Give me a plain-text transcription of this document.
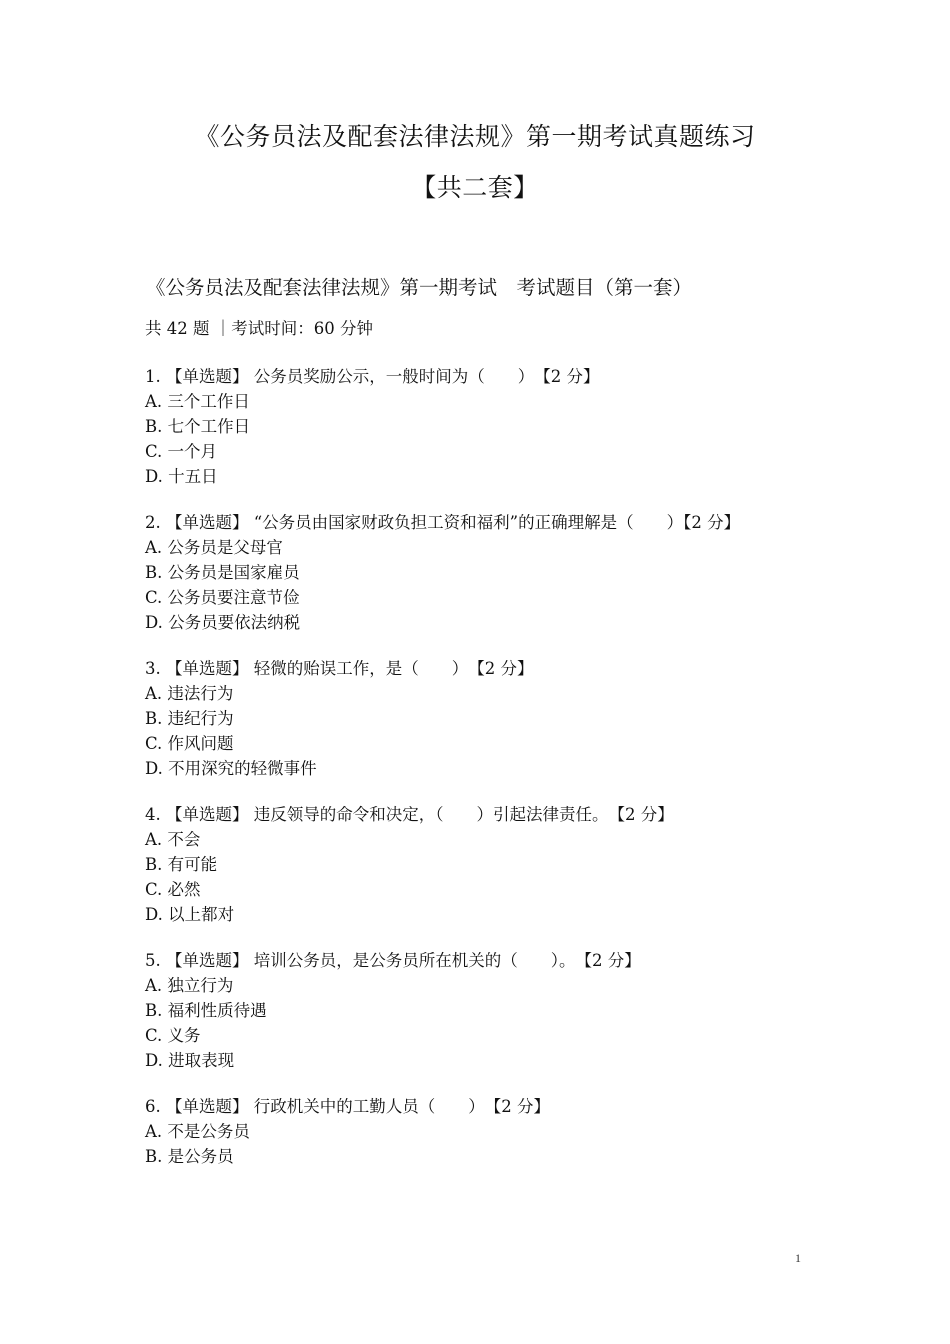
《公务员法及配套法律法规》第一期考试真题练习
【共二套】
《公务员法及配套法律法规》第一期考试　考试题目（第一套）
共 42 题 ｜考试时间：60 分钟
1. 【单选题】 公务员奖励公示，一般时间为（　　）　【2 分】
A. 三个工作日
B. 七个工作日
C. 一个月
D. 十五日
2. 【单选题】 “公务员由国家财政负担工资和福利”的正确理解是（　　）【2 分】
A. 公务员是父母官
B. 公务员是国家雇员
C. 公务员要注意节俭
D. 公务员要依法纳税
3. 【单选题】 轻微的贻误工作，是（　　）　【2 分】
A. 违法行为
B. 违纪行为
C. 作风问题
D. 不用深究的轻微事件
4. 【单选题】 违反领导的命令和决定，（　　）引起法律责任。　【2 分】
A. 不会
B. 有可能
C. 必然
D. 以上都对
5. 【单选题】 培训公务员，是公务员所在机关的（　　）。　【2 分】
A. 独立行为
B. 福利性质待遇
C. 义务
D. 进取表现
6. 【单选题】 行政机关中的工勤人员（　　）　【2 分】
A. 不是公务员
B. 是公务员
1
